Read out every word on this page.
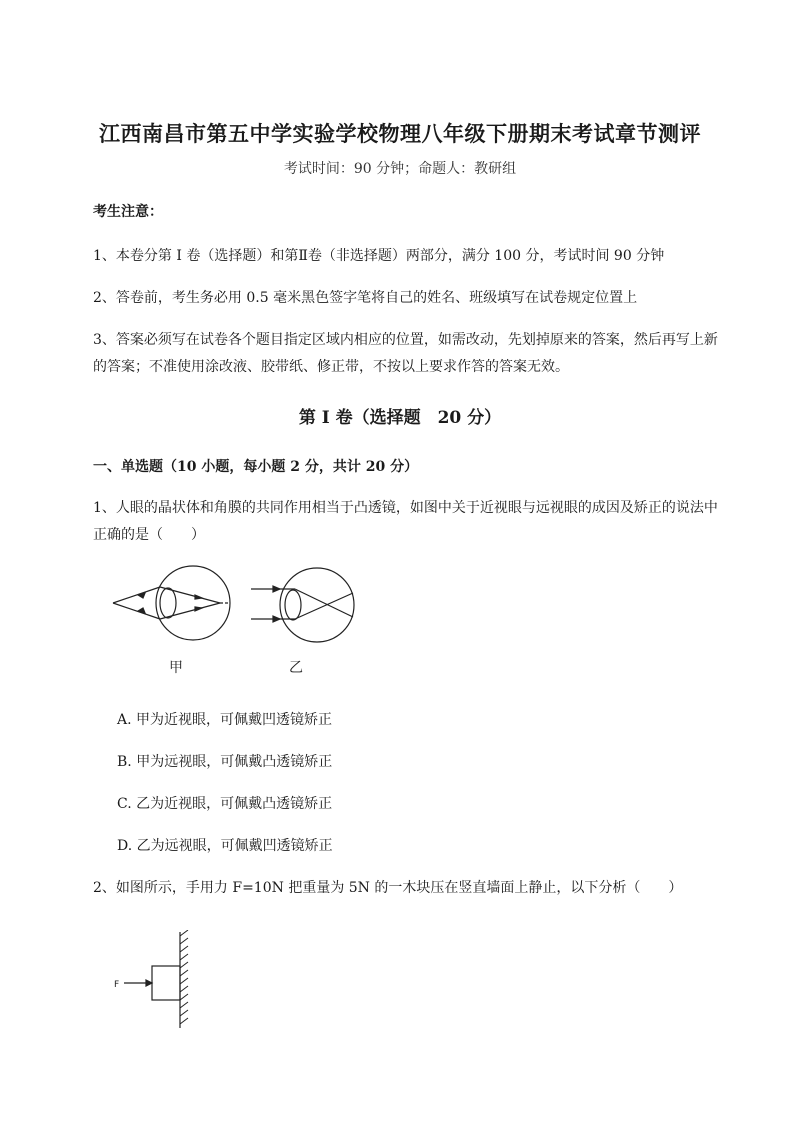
江西南昌市第五中学实验学校物理八年级下册期末考试章节测评
考试时间：90 分钟；命题人：教研组
考生注意：
1、本卷分第 I 卷（选择题）和第Ⅱ卷（非选择题）两部分，满分 100 分，考试时间 90 分钟
2、答卷前，考生务必用 0.5 毫米黑色签字笔将自己的姓名、班级填写在试卷规定位置上
3、答案必须写在试卷各个题目指定区域内相应的位置，如需改动，先划掉原来的答案，然后再写上新
的答案；不准使用涂改液、胶带纸、修正带，不按以上要求作答的答案无效。
第 I 卷（选择题　20 分）
一、单选题（10 小题，每小题 2 分，共计 20 分）
1、人眼的晶状体和角膜的共同作用相当于凸透镜，如图中关于近视眼与远视眼的成因及矫正的说法中
正确的是（　　）
甲	乙
A. 甲为近视眼，可佩戴凹透镜矫正
B. 甲为远视眼，可佩戴凸透镜矫正
C. 乙为近视眼，可佩戴凸透镜矫正
D. 乙为远视眼，可佩戴凹透镜矫正
2、如图所示，手用力 F=10N 把重量为 5N 的一木块压在竖直墙面上静止，以下分析（　　）
F
